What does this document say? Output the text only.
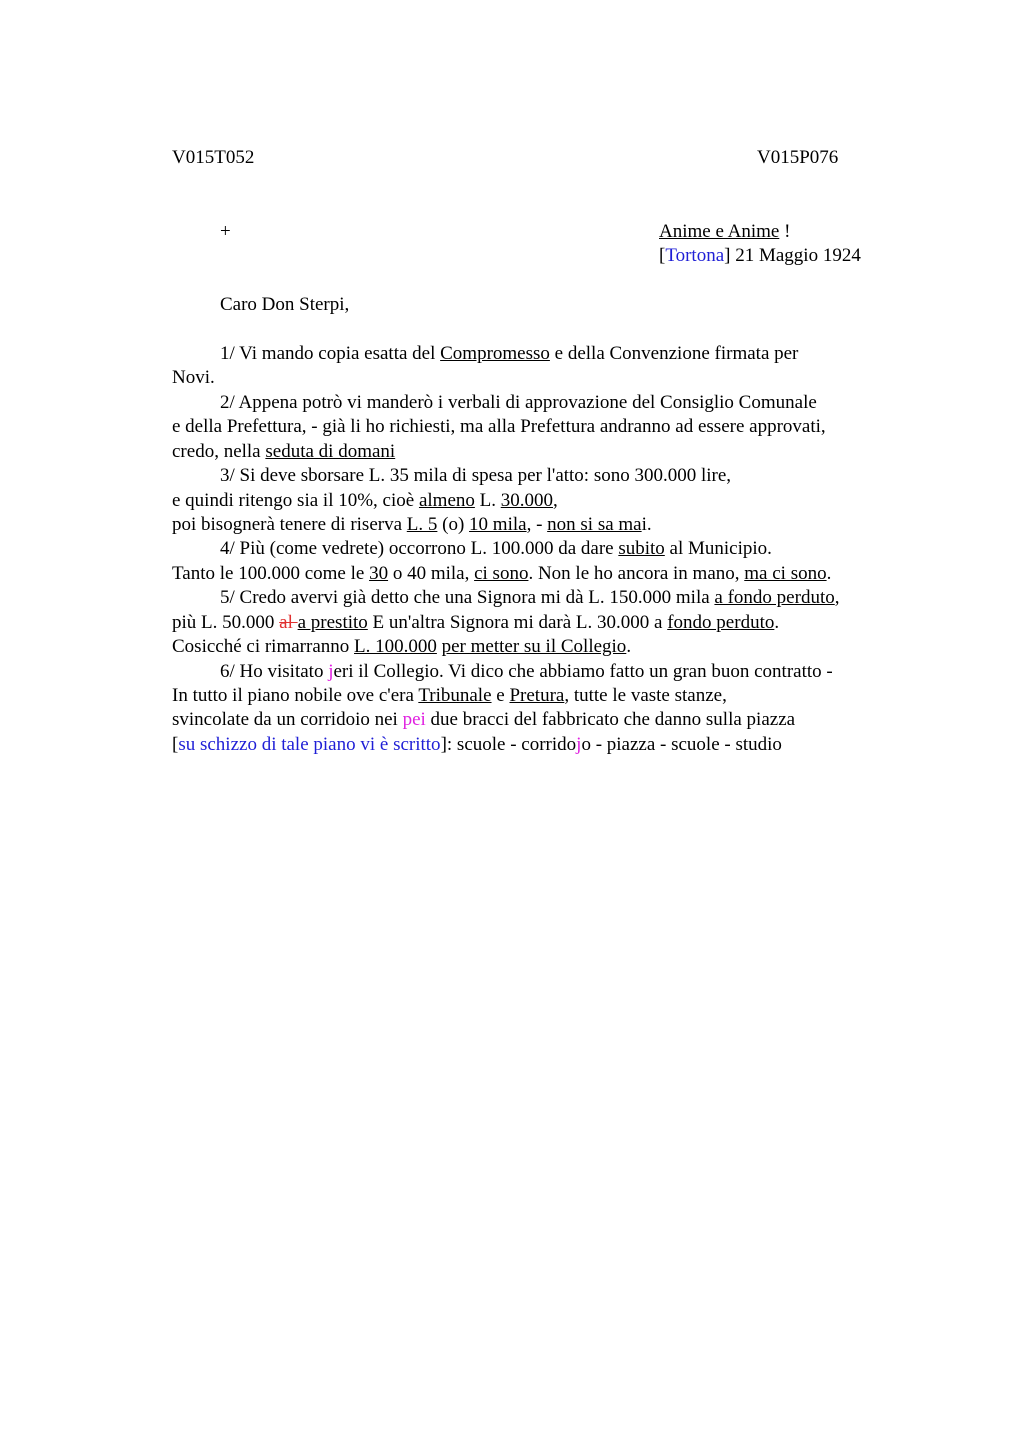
V015T052	V015P076
+	Anime e Anime !
[Tortona] 21 Maggio 1924
Caro Don Sterpi,
1/ Vi mando copia esatta del Compromesso e della Convenzione firmata per
Novi.
2/ Appena potrò vi manderò i verbali di approvazione del Consiglio Comunale
e della Prefettura, - già li ho richiesti, ma alla Prefettura andranno ad essere approvati,
credo, nella seduta di domani
3/ Si deve sborsare L. 35 mila di spesa per l'atto: sono 300.000 lire,
e quindi ritengo sia il 10%, cioè almeno L. 30.000,
poi bisognerà tenere di riserva L. 5 (o) 10 mila, - non si sa mai.
4/ Più (come vedrete) occorrono L. 100.000 da dare subito al Municipio.
Tanto le 100.000 come le 30 o 40 mila, ci sono. Non le ho ancora in mano, ma ci sono.
5/ Credo avervi già detto che una Signora mi dà L. 150.000 mila a fondo perduto,
più L. 50.000 al a prestito E un'altra Signora mi darà L. 30.000 a fondo perduto.
Cosicché ci rimarranno L. 100.000 per metter su il Collegio.
6/ Ho visitato jeri il Collegio. Vi dico che abbiamo fatto un gran buon contratto -
In tutto il piano nobile ove c'era Tribunale e Pretura, tutte le vaste stanze,
svincolate da un corridoio nei pei due bracci del fabbricato che danno sulla piazza
[su schizzo di tale piano vi è scritto]: scuole - corridojo - piazza - scuole - studio
